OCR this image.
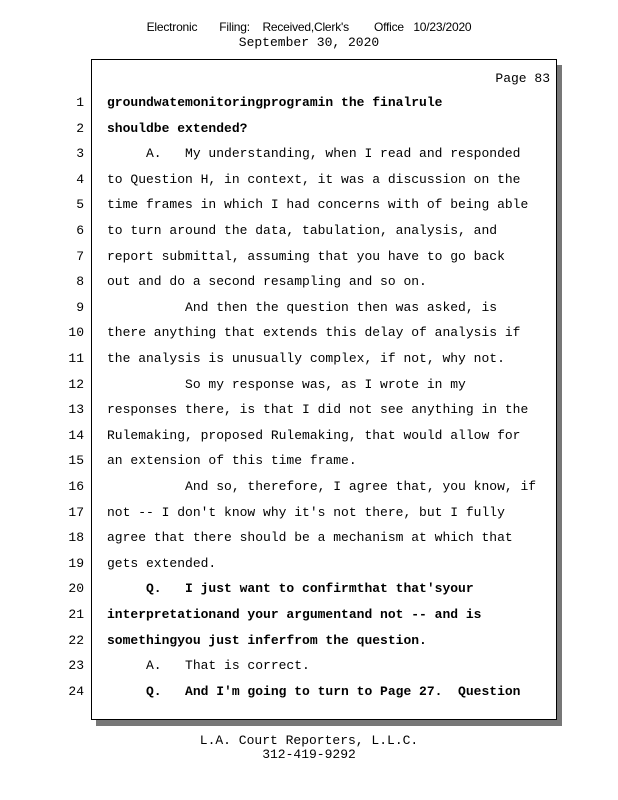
Electronic Filing: Received,Clerk's Office 10/23/2020
September 30, 2020
Page 83
1 groundwatemonitoringprogramin the finalrule
2 shouldbe extended?
3 A.   My understanding, when I read and responded
4 to Question H, in context, it was a discussion on the
5 time frames in which I had concerns with of being able
6 to turn around the data, tabulation, analysis, and
7 report submittal, assuming that you have to go back
8 out and do a second resampling and so on.
9 And then the question then was asked, is
10 there anything that extends this delay of analysis if
11 the analysis is unusually complex, if not, why not.
12 So my response was, as I wrote in my
13 responses there, is that I did not see anything in the
14 Rulemaking, proposed Rulemaking, that would allow for
15 an extension of this time frame.
16 And so, therefore, I agree that, you know, if
17 not -- I don't know why it's not there, but I fully
18 agree that there should be a mechanism at which that
19 gets extended.
20 Q.   I just want to confirmthat that'syour
21 interpretationand your argumentand not -- and is
22 somethingyou just inferfrom the question.
23 A.   That is correct.
24 Q.   And I'm going to turn to Page 27.  Question
L.A. Court Reporters, L.L.C.
312-419-9292
